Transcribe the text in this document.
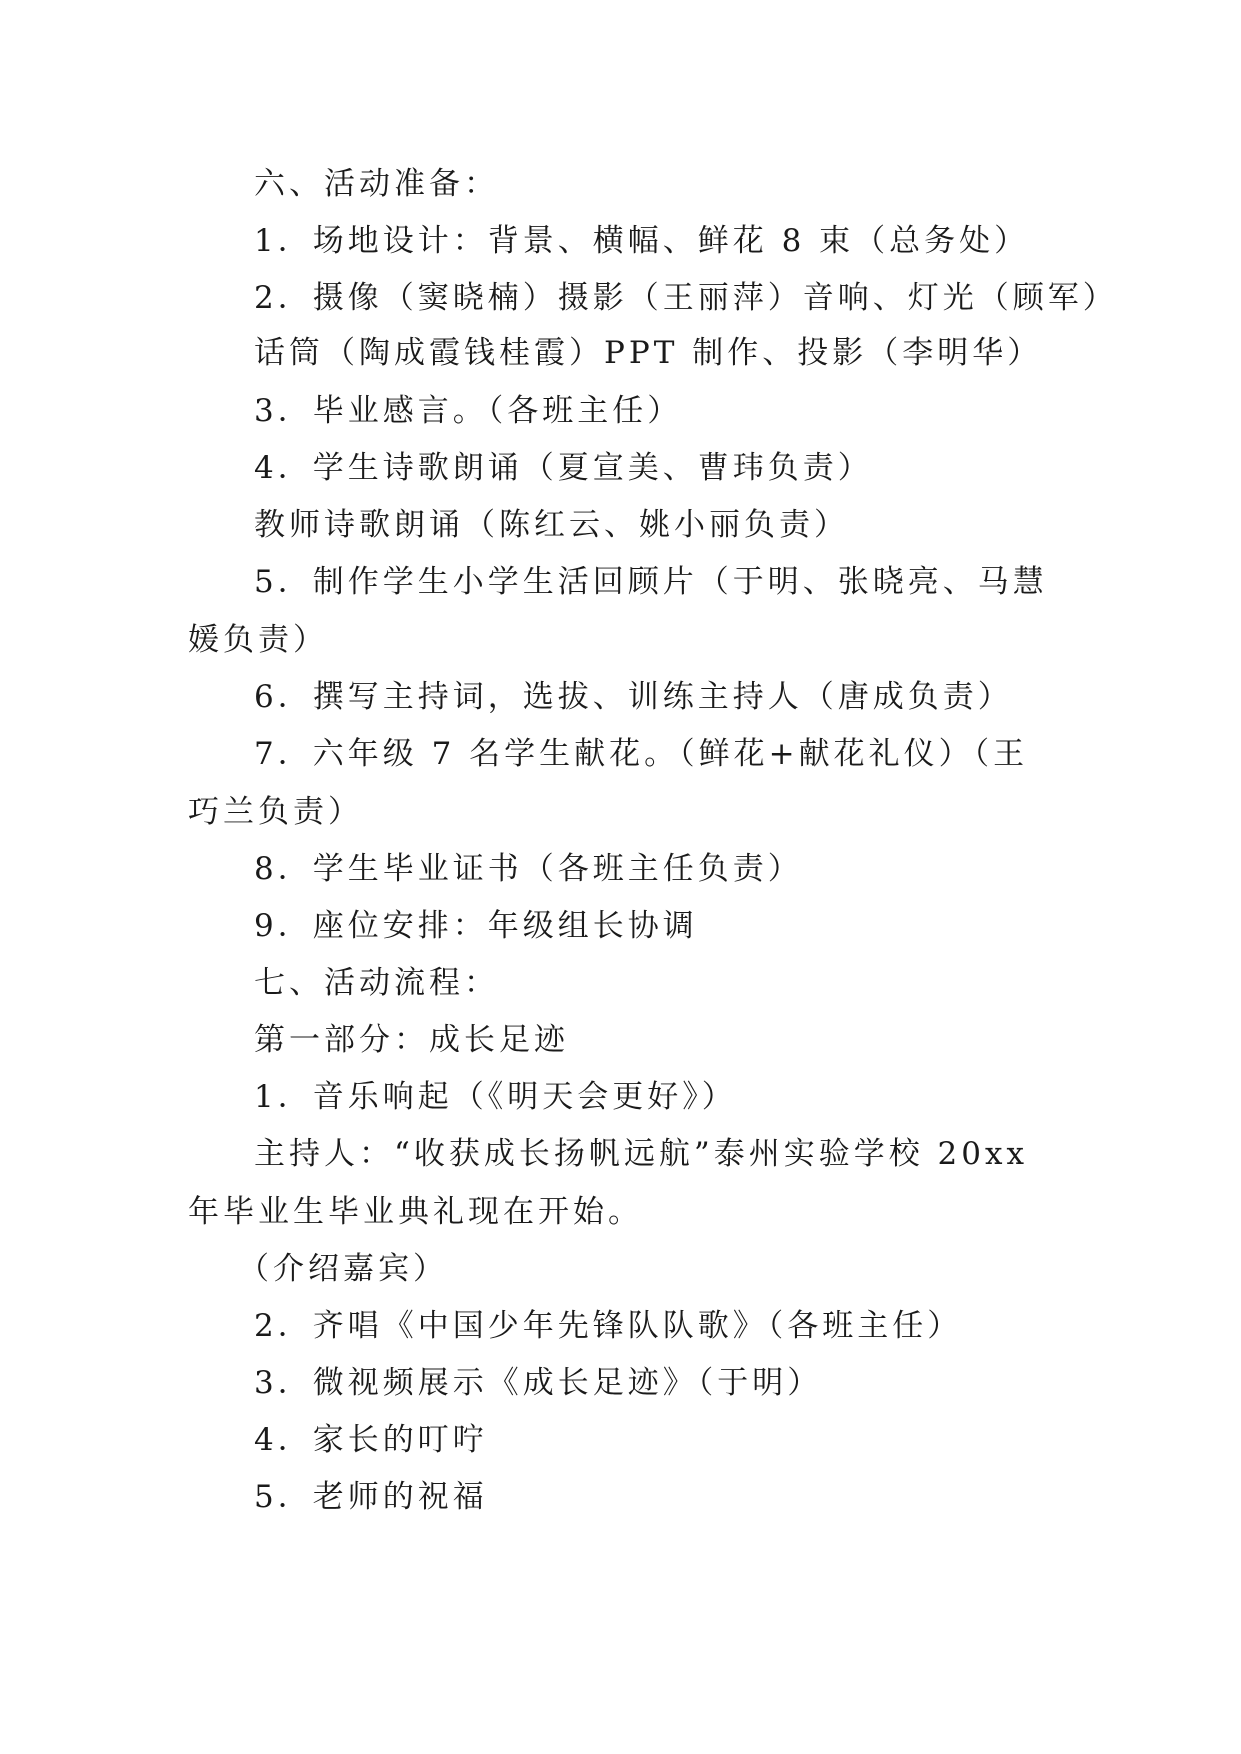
六、活动准备：

1．场地设计：背景、横幅、鲜花 8 束（总务处）

2．摄像（窦晓楠）摄影（王丽萍）音响、灯光（顾军）

话筒（陶成霞钱桂霞）PPT 制作、投影（李明华）

3．毕业感言。（各班主任）

4．学生诗歌朗诵（夏宣美、曹玮负责）

教师诗歌朗诵（陈红云、姚小丽负责）

5．制作学生小学生活回顾片（于明、张晓亮、马慧媛负责）

6．撰写主持词，选拔、训练主持人（唐成负责）

7．六年级 7 名学生献花。（鲜花+献花礼仪）（王巧兰负责）

8．学生毕业证书（各班主任负责）

9．座位安排：年级组长协调

七、活动流程：

第一部分：成长足迹

1．音乐响起（《明天会更好》）

主持人：“收获成长扬帆远航”泰州实验学校 20xx 年毕业生毕业典礼现在开始。

（介绍嘉宾）

2．齐唱《中国少年先锋队队歌》（各班主任）

3．微视频展示《成长足迹》（于明）

4．家长的叮咛

5．老师的祝福
